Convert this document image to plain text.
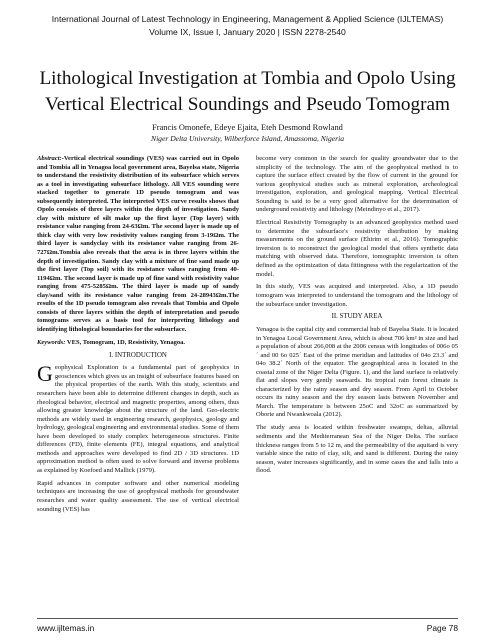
International Journal of Latest Technology in Engineering, Management & Applied Science (IJLTEMAS)
Volume IX, Issue I, January 2020 | ISSN 2278-2540
Lithological Investigation at Tombia and Opolo Using
Vertical Electrical Soundings and Pseudo Tomogram
Francis Omonefe, Edeye Ejaita, Eteh Desmond Rowland
Niger Delta University, Wilberforce Island, Amassoma, Nigeria

Abstract:-Vertical electrical soundings (VES) was carried out in Opolo and Tombia all in Yenagoa local government area, Bayelsa state, Nigeria to understand the resistivity distribution of its subsurface which serves as a tool in investigating subsurface lithology. All VES sounding were stacked together to generate 1D pseudo tomogram and was subsequently interpreted. The interpreted VES curve results shows that Opolo consists of three layers within the depth of investigation. Sandy clay with mixture of silt make up the first layer (Top layer) with resistance value ranging from 24-63Ωm. The second layer is made up of thick clay with very low resistivity values ranging from 3-19Ωm. The third layer is sandyclay with its resistance value ranging from 26-727Ωm.Tombia also reveals that the area is in three layers within the depth of investigation. Sandy clay with a mixture of fine sand made up the first layer (Top soil) with its resistance values ranging from 40-1194Ωm. The second layer is made up of fine sand with resistivity value ranging from 475-5285Ωm. The third layer is made up of sandy clay/sand with its resistance value ranging from 24-28943Ωm.The results of the 1D pseudo tomogram also reveals that Tombia and Opolo consists of three layers within the depth of interpretation and pseudo tomograms serves as a basis tool for interpreting lithology and identifying lithological boundaries for the subsurface.

Keywords: VES, Tomogram, 1D, Resistivity, Yenagoa.

I. INTRODUCTION

Geophysical Exploration is a fundamental part of geophysics in geosciences which gives us an insight of subsurface features based on the physical properties of the earth. With this study, scientists and researchers have been able to determine different changes in depth, such as rheological behavior, electrical and magnetic properties, among others, thus allowing greater knowledge about the structure of the land. Geo-electric methods are widely used in engineering research, geophysics, geology and hydrology, geological engineering and environmental studies. Some of them have been developed to study complex heterogeneous structures. Finite differences (FD), finite elements (FE), integral equations, and analytical methods and approaches were developed to find 2D / 3D structures. 1D approximation method is often used to solve forward and inverse problems as explained by Koefoed and Mallick (1979).

Rapid advances in computer software and other numerical modeling techniques are increasing the use of geophysical methods for groundwater researches and water quality assessment. The use of vertical electrical sounding (VES) has

become very common in the search for quality groundwater due to the simplicity of the technology. The aim of the geophysical method is to capture the surface effect created by the flow of current in the ground for various geophysical studies such as mineral exploration, archeological investigation, exploration, and geological mapping. Vertical Electrical Sounding is said to be a very good alternative for the determination of underground resistivity and lithology (Meindinyo et al., 2017).

Electrical Resistivity Tomography is an advanced geophysics method used to determine the subsurface's resistivity distribution by making measurements on the ground surface (Ehirim et al., 2016). Tomographic inversion is to reconstruct the geological model that offers synthetic data matching with observed data. Therefore, tomographic inversion is often defined as the optimization of data fittingness with the regularization of the model.

In this study, VES was acquired and interpreted. Also, a 1D pseudo tomogram was interpreted to understand the tomogram and the lithology of the subsurface under investigation.

II. STUDY AREA

Yenagoa is the capital city and commercial hub of Bayelsa State. It is located in Yenagoa Local Government Area, which is about 706 km² in size and had a population of about 266,008 at the 2006 census with longitudes of 006o 05´ and 00 6o 025´ East of the prime meridian and latitudes of 04o 23.3´ and 04o 38.2´ North of the equator. The geographical area is located in the coastal zone of the Niger Delta (Figure. 1), and the land surface is relatively flat and slopes very gently seawards. Its tropical rain forest climate is characterized by the rainy season and dry season. From April to October occurs its rainy season and the dry season lasts between November and March. The temperature is between 25oC and 32oC as summarized by Oborie and Nwankwoala (2012).

The study area is located within freshwater swamps, deltas, alluvial sediments and the Mediterranean Sea of the Niger Delta. The surface thickness ranges from 5 to 12 m, and the permeability of the aquitard is very variable since the ratio of clay, silt, and sand is different. During the rainy season, water increases significantly, and in some cases the and falls into a flood.

www.ijltemas.in	Page 78
